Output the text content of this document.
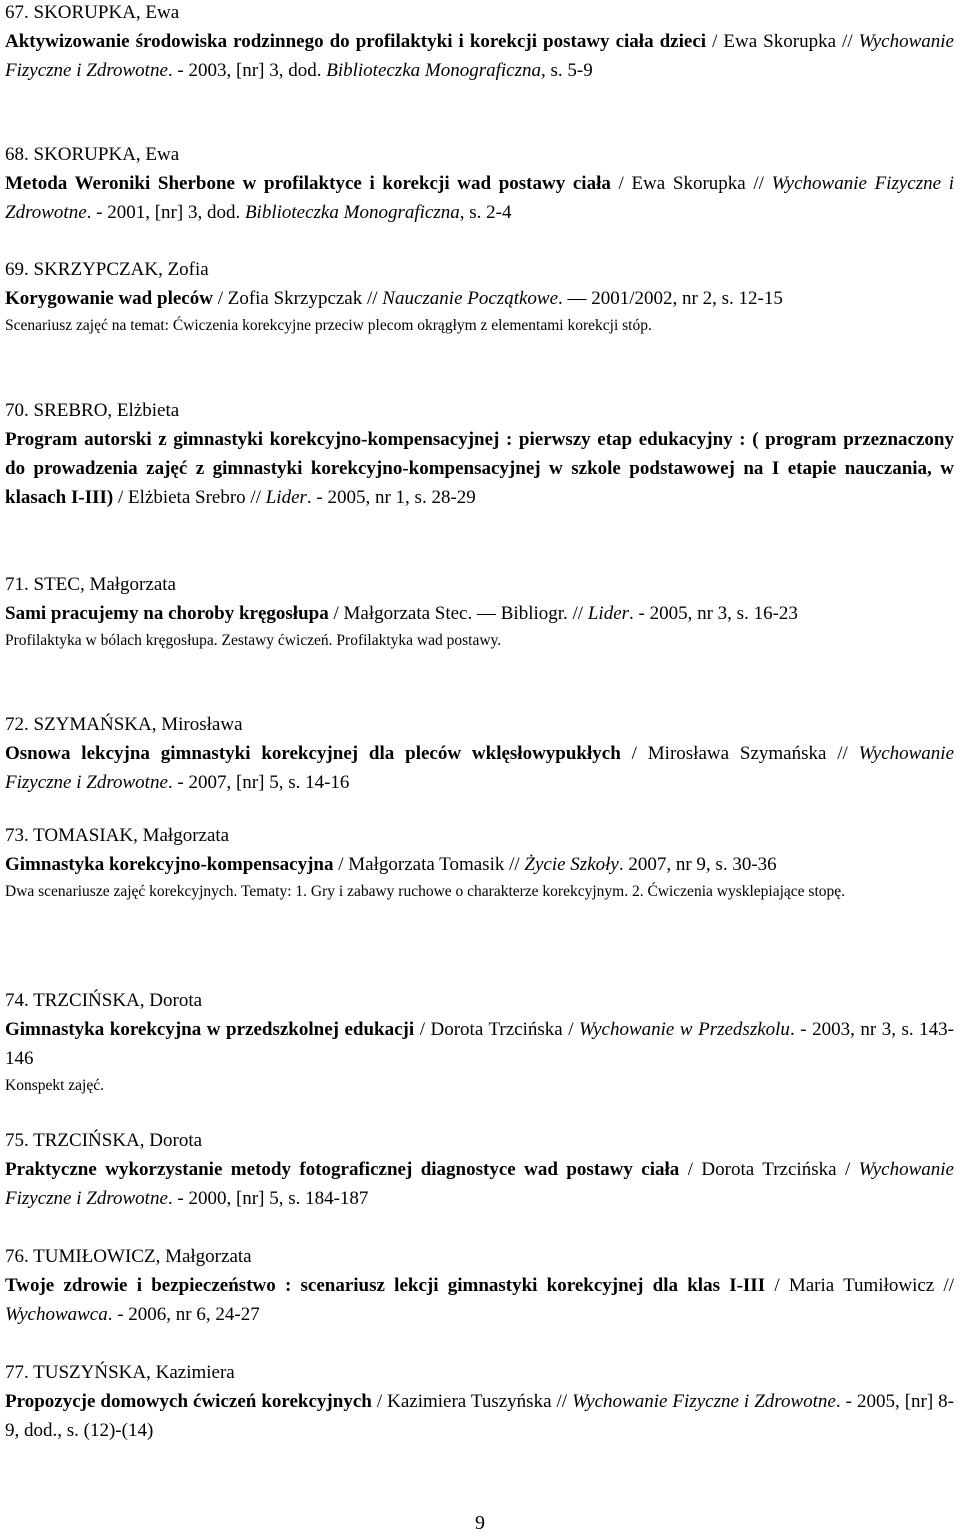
67. SKORUPKA, Ewa
Aktywizowanie środowiska rodzinnego do profilaktyki i korekcji postawy ciała dzieci / Ewa Skorupka // Wychowanie Fizyczne i Zdrowotne. - 2003, [nr] 3, dod. Biblioteczka Monograficzna, s. 5-9
68. SKORUPKA, Ewa
Metoda Weroniki Sherbone w profilaktyce i korekcji wad postawy ciała / Ewa Skorupka // Wychowanie Fizyczne i Zdrowotne. - 2001, [nr] 3, dod. Biblioteczka Monograficzna, s. 2-4
69. SKRZYPCZAK, Zofia
Korygowanie wad pleców / Zofia Skrzypczak // Nauczanie Początkowe. — 2001/2002, nr 2, s. 12-15
Scenariusz zajęć na temat: Ćwiczenia korekcyjne przeciw plecom okrągłym z elementami korekcji stóp.
70. SREBRO, Elżbieta
Program autorski z gimnastyki korekcyjno-kompensacyjnej : pierwszy etap edukacyjny : ( program przeznaczony do prowadzenia zajęć z gimnastyki korekcyjno-kompensacyjnej w szkole podstawowej na I etapie nauczania, w klasach I-III) / Elżbieta Srebro // Lider. - 2005, nr 1, s. 28-29
71. STEC, Małgorzata
Sami pracujemy na choroby kręgosłupa / Małgorzata Stec. — Bibliogr. // Lider. - 2005, nr 3, s. 16-23
Profilaktyka w bólach kręgosłupa. Zestawy ćwiczeń. Profilaktyka wad postawy.
72. SZYMAŃSKA, Mirosława
Osnowa lekcyjna gimnastyki korekcyjnej dla pleców wklęsłowypukłych / Mirosława Szymańska // Wychowanie Fizyczne i Zdrowotne. - 2007, [nr] 5, s. 14-16
73. TOMASIAK, Małgorzata
Gimnastyka korekcyjno-kompensacyjna / Małgorzata Tomasik // Życie Szkoły. 2007, nr 9, s. 30-36
Dwa scenariusze zajęć korekcyjnych. Tematy: 1. Gry i zabawy ruchowe o charakterze korekcyjnym. 2. Ćwiczenia wysklepiające stopę.
74. TRZCIŃSKA, Dorota
Gimnastyka korekcyjna w przedszkolnej edukacji / Dorota Trzcińska / Wychowanie w Przedszkolu. - 2003, nr 3, s. 143-146
Konspekt zajęć.
75. TRZCIŃSKA, Dorota
Praktyczne wykorzystanie metody fotograficznej diagnostyce wad postawy ciała / Dorota Trzcińska / Wychowanie Fizyczne i Zdrowotne. - 2000, [nr] 5, s. 184-187
76. TUMIŁOWICZ, Małgorzata
Twoje zdrowie i bezpieczeństwo : scenariusz lekcji gimnastyki korekcyjnej dla klas I-III / Maria Tumiłowicz // Wychowawca. - 2006, nr 6, 24-27
77. TUSZYŃSKA, Kazimiera
Propozycje domowych ćwiczeń korekcyjnych / Kazimiera Tuszyńska // Wychowanie Fizyczne i Zdrowotne. - 2005, [nr] 8-9, dod., s. (12)-(14)
9
